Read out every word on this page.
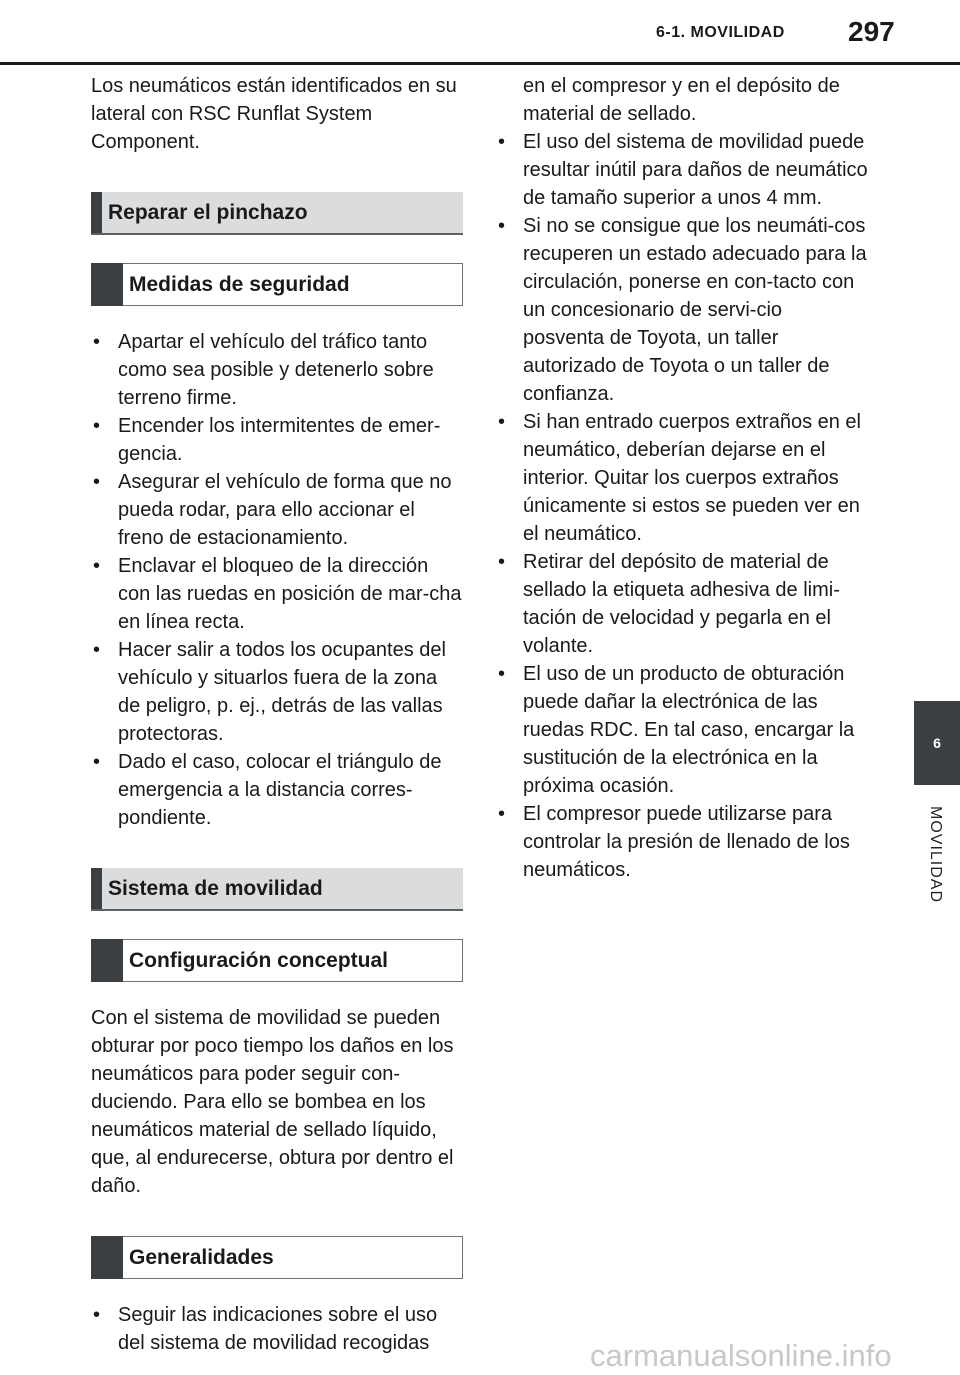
6-1. MOVILIDAD 297
6
MOVILIDAD

Los neumáticos están identificados en su lateral con RSC Runflat System Component.

Reparar el pinchazo
Medidas de seguridad
• Apartar el vehículo del tráfico tanto como sea posible y detenerlo sobre terreno firme.
• Encender los intermitentes de emer-gencia.
• Asegurar el vehículo de forma que no pueda rodar, para ello accionar el freno de estacionamiento.
• Enclavar el bloqueo de la dirección con las ruedas en posición de mar-cha en línea recta.
• Hacer salir a todos los ocupantes del vehículo y situarlos fuera de la zona de peligro, p. ej., detrás de las vallas protectoras.
• Dado el caso, colocar el triángulo de emergencia a la distancia corres-pondiente.
Sistema de movilidad
Configuración conceptual

Con el sistema de movilidad se pueden obturar por poco tiempo los daños en los neumáticos para poder seguir con-duciendo. Para ello se bombea en los neumáticos material de sellado líquido, que, al endurecerse, obtura por dentro el daño.

Generalidades
• Seguir las indicaciones sobre el uso del sistema de movilidad recogidas

en el compresor y en el depósito de material de sellado.

• El uso del sistema de movilidad puede resultar inútil para daños de neumático de tamaño superior a unos 4 mm.
• Si no se consigue que los neumáti-cos recuperen un estado adecuado para la circulación, ponerse en con-tacto con un concesionario de servi-cio posventa de Toyota, un taller autorizado de Toyota o un taller de confianza.
• Si han entrado cuerpos extraños en el neumático, deberían dejarse en el interior. Quitar los cuerpos extraños únicamente si estos se pueden ver en el neumático.
• Retirar del depósito de material de sellado la etiqueta adhesiva de limi-tación de velocidad y pegarla en el volante.
• El uso de un producto de obturación puede dañar la electrónica de las ruedas RDC. En tal caso, encargar la sustitución de la electrónica en la próxima ocasión.
• El compresor puede utilizarse para controlar la presión de llenado de los neumáticos.
carmanualsonline.info
